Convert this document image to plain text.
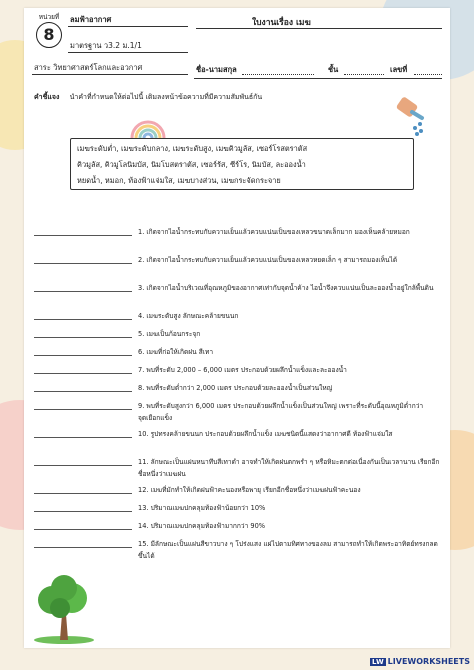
หน่วยที่
8
ลมฟ้าอากาศ
มาตรฐาน ว3.2 ม.1/1
สาระ วิทยาศาสตร์โลกและอวกาศ
ใบงานเรื่อง เมฆ
ชื่อ-นามสกุล	ชั้น	เลขที่
คำชี้แจง นำคำที่กำหนดให้ต่อไปนี้ เติมลงหน้าข้อความที่มีความสัมพันธ์กัน
เมฆระดับต่ำ, เมฆระดับกลาง, เมฆระดับสูง, เมฆคิวมูลัส, เซอร์โรสตราตัส
คิวมูลัส, คิวมูโลนิมบัส, นิมโบสตราตัส, เซอร์รัส, ซีร์โร, นิมบัส, ละอองน้ำ
หยดน้ำ, หมอก, ท้องฟ้าแจ่มใส, เมฆบางส่วน, เมฆกระจัดกระจาย
1. เกิดจากไอน้ำกระทบกับความเย็นแล้วควบแน่นเป็นของเหลวขนาดเล็กมาก มองเห็นคล้ายหมอก
2. เกิดจากไอน้ำกระทบกับความเย็นแล้วควบแน่นเป็นของเหลวหยดเล็ก ๆ สามารถมองเห็นได้
3. เกิดจากไอน้ำบริเวณที่อุณหภูมิของอากาศเท่ากับจุดน้ำค้าง ไอน้ำจึงควบแน่นเป็นละอองน้ำอยู่ใกล้พื้นดิน
4. เมฆระดับสูง ลักษณะคล้ายขนนก
5. เมฆเป็นก้อนกระจุก
6. เมฆที่ก่อให้เกิดฝน สีเทา
7. พบที่ระดับ 2,000 – 6,000 เมตร ประกอบด้วยผลึกน้ำแข็งและละอองน้ำ
8. พบที่ระดับต่ำกว่า 2,000 เมตร ประกอบด้วยละอองน้ำเป็นส่วนใหญ่
9. พบที่ระดับสูงกว่า 6,000 เมตร ประกอบด้วยผลึกน้ำแข็งเป็นส่วนใหญ่ เพราะที่ระดับนี้อุณหภูมิต่ำกว่าจุดเยือกแข็ง
10. รูปทรงคล้ายขนนก ประกอบด้วยผลึกน้ำแข็ง เมฆชนิดนี้แสดงว่าอากาศดี ท้องฟ้าแจ่มใส
11. ลักษณะเป็นแผ่นหนาทึบสีเทาดำ อาจทำให้เกิดฝนตกพรำ ๆ หรือหิมะตกต่อเนื่องกันเป็นเวลานาน เรียกอีกชื่อหนึ่งว่าเมฆฝน
12. เมฆที่มักทำให้เกิดฝนฟ้าคะนองหรือพายุ เรียกอีกชื่อหนึ่งว่าเมฆฝนฟ้าคะนอง
13. ปริมาณเมฆปกคลุมท้องฟ้าน้อยกว่า 10%
14. ปริมาณเมฆปกคลุมท้องฟ้ามากกว่า 90%
15. มีลักษณะเป็นแผ่นสีขาวบาง ๆ โปร่งแสง แผ่ไปตามทิศทางของลม สามารถทำให้เกิดพระอาทิตย์ทรงกลดขึ้นได้
LW LIVEWORKSHEETS
